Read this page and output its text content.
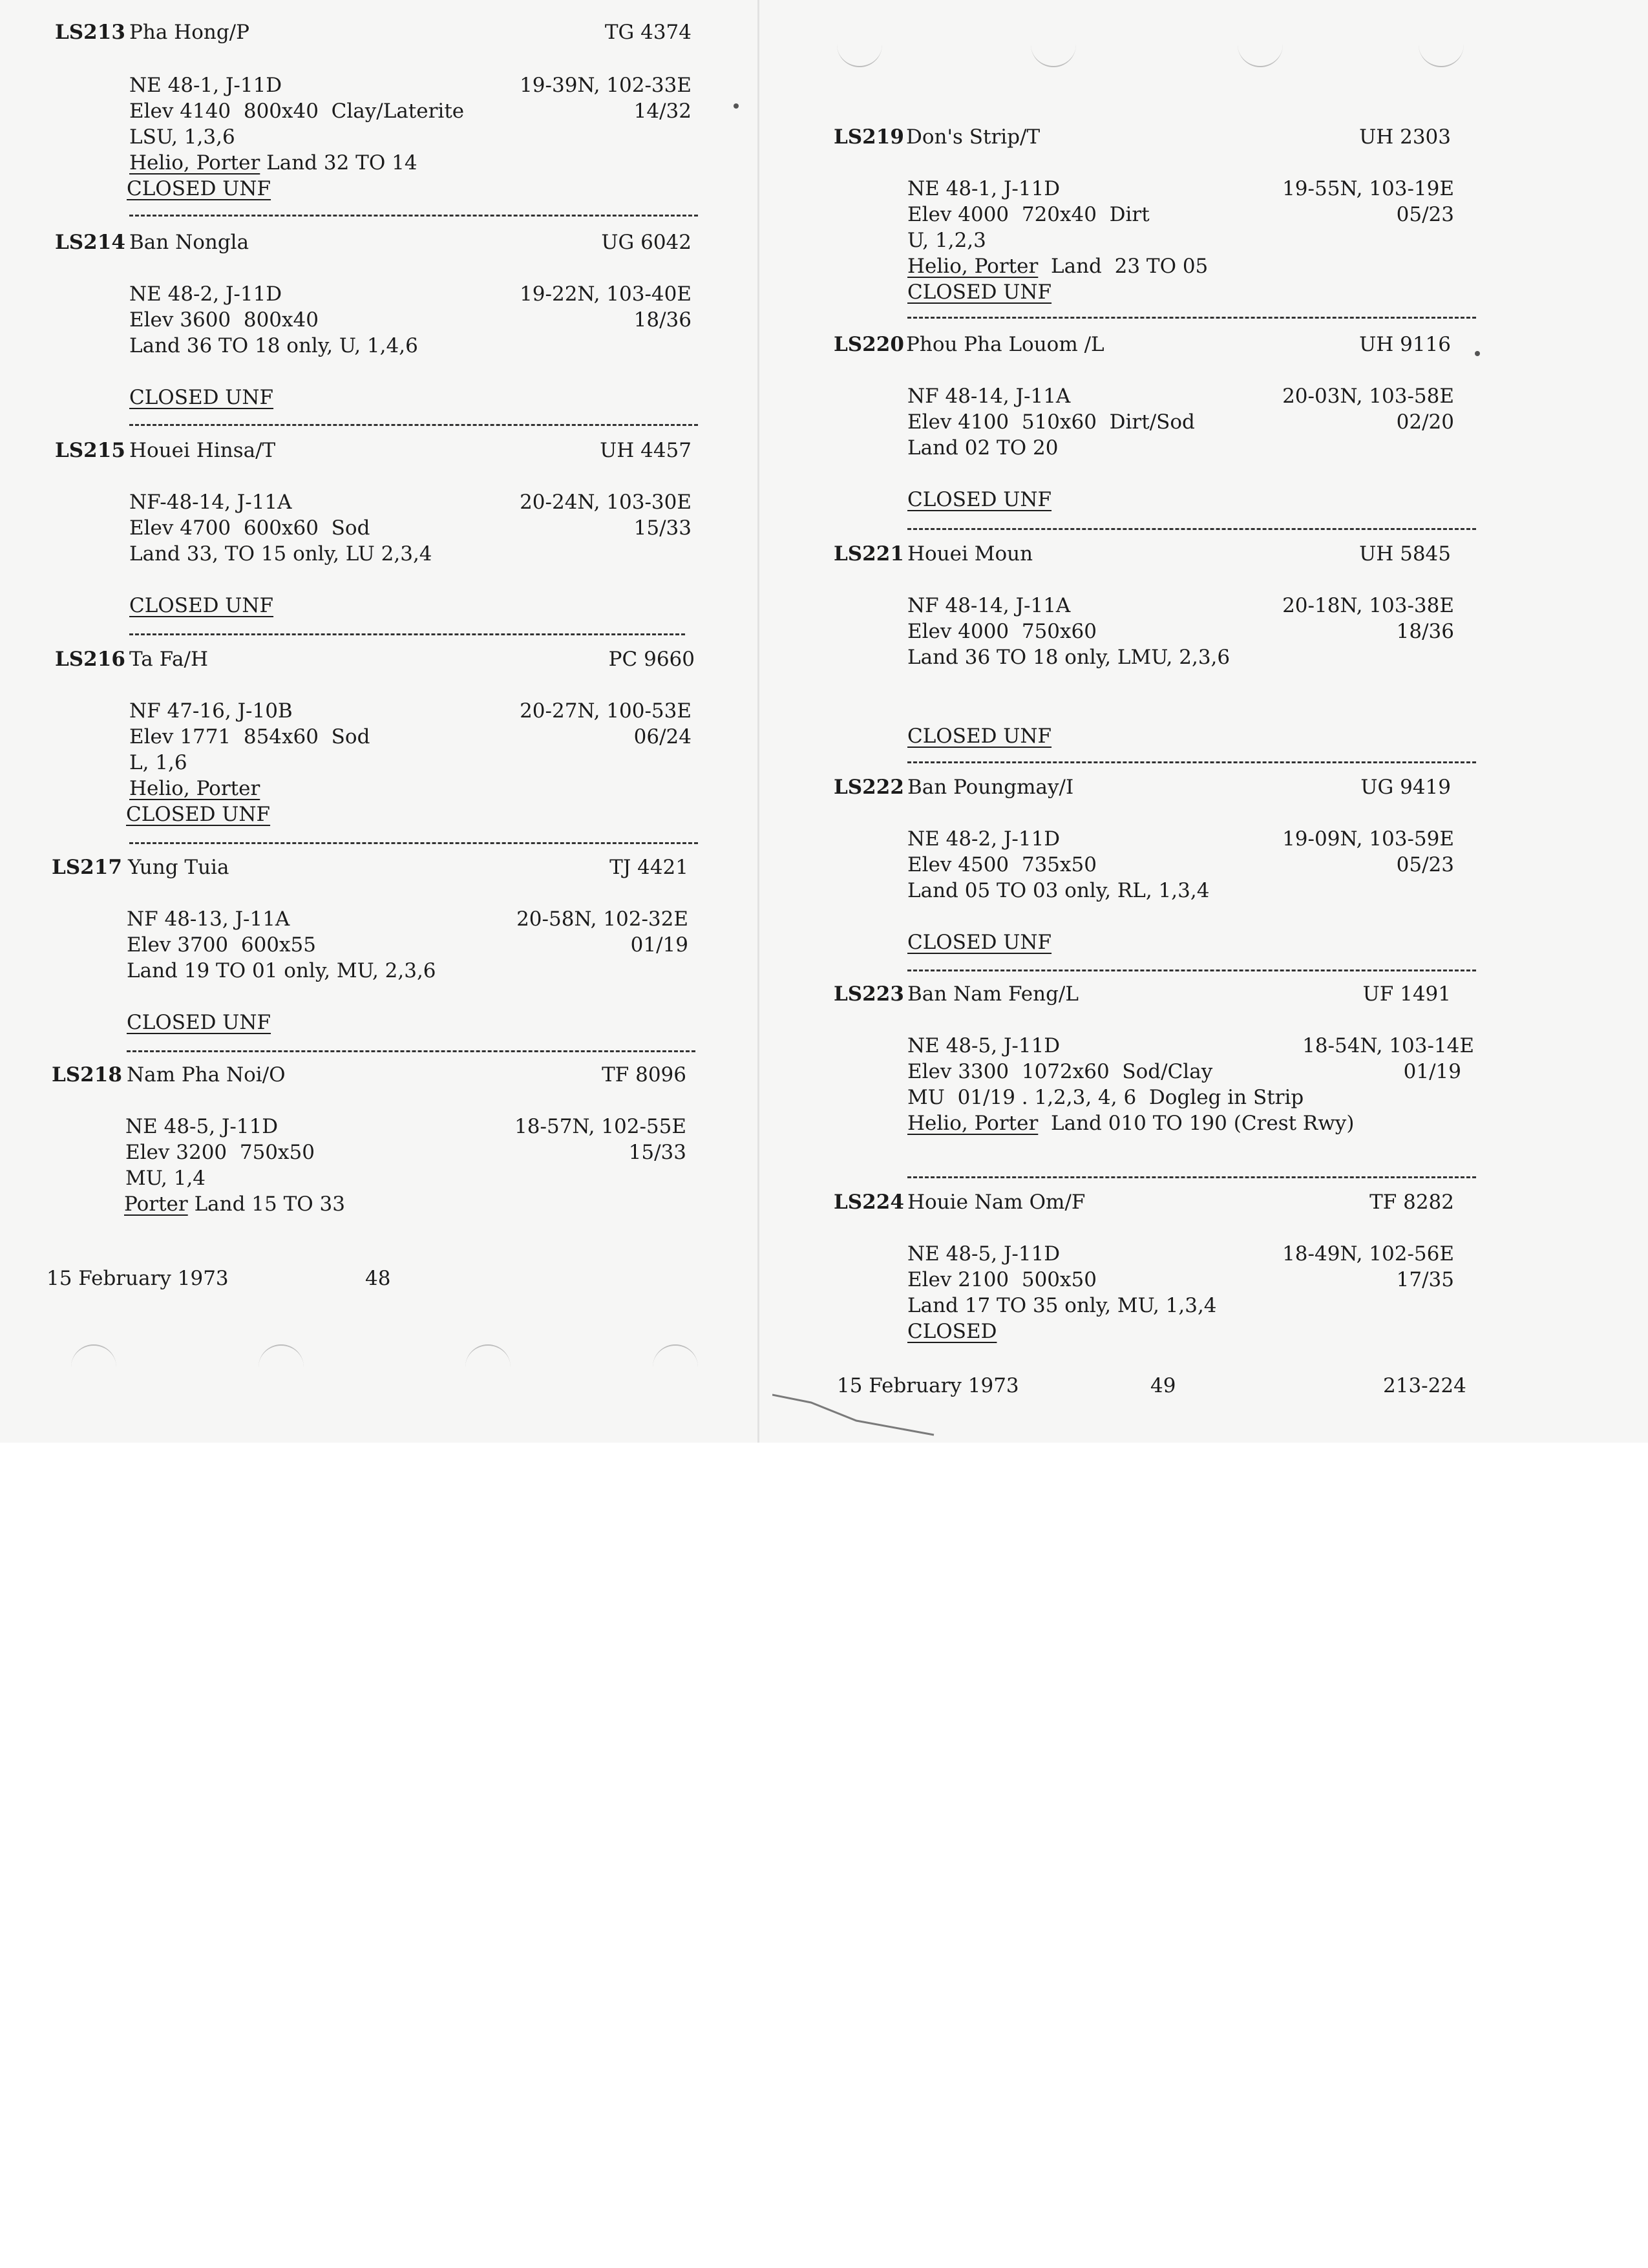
LS213 Pha Hong/P	TG 4374
NE 48-1, J-11D	19-39N, 102-33E
Elev 4140  800x40  Clay/Laterite	14/32
LSU, 1,3,6
Helio, Porter Land 32 TO 14
CLOSED UNF
LS214 Ban Nongla	UG 6042
NE 48-2, J-11D	19-22N, 103-40E
Elev 3600  800x40	18/36
Land 36 TO 18 only, U, 1,4,6
CLOSED UNF
LS215 Houei Hinsa/T	UH 4457
NF-48-14, J-11A	20-24N, 103-30E
Elev 4700  600x60  Sod	15/33
Land 33, TO 15 only, LU 2,3,4
CLOSED UNF
LS216 Ta Fa/H	PC 9660
NF 47-16, J-10B	20-27N, 100-53E
Elev 1771  854x60  Sod	06/24
L, 1,6
Helio, Porter
CLOSED UNF
LS217 Yung Tuia	TJ 4421
NF 48-13, J-11A	20-58N, 102-32E
Elev 3700  600x55	01/19
Land 19 TO 01 only, MU, 2,3,6
CLOSED UNF
LS218 Nam Pha Noi/O	TF 8096
NE 48-5, J-11D	18-57N, 102-55E
Elev 3200  750x50	15/33
MU, 1,4
Porter Land 15 TO 33
15 February 1973	48
LS219 Don's Strip/T	UH 2303
NE 48-1, J-11D	19-55N, 103-19E
Elev 4000  720x40  Dirt	05/23
U, 1,2,3
Helio, Porter  Land  23 TO 05
CLOSED UNF
LS220 Phou Pha Louom /L	UH 9116
NF 48-14, J-11A	20-03N, 103-58E
Elev 4100  510x60  Dirt/Sod	02/20
Land 02 TO 20
CLOSED UNF
LS221 Houei Moun	UH 5845
NF 48-14, J-11A	20-18N, 103-38E
Elev 4000  750x60	18/36
Land 36 TO 18 only, LMU, 2,3,6
CLOSED UNF
LS222 Ban Poungmay/I	UG 9419
NE 48-2, J-11D	19-09N, 103-59E
Elev 4500  735x50	05/23
Land 05 TO 03 only, RL, 1,3,4
CLOSED UNF
LS223 Ban Nam Feng/L	UF 1491
NE 48-5, J-11D	18-54N, 103-14E
Elev 3300  1072x60  Sod/Clay	01/19
MU  01/19 . 1,2,3, 4, 6  Dogleg in Strip
Helio, Porter  Land 010 TO 190 (Crest Rwy)
LS224 Houie Nam Om/F	TF 8282
NE 48-5, J-11D	18-49N, 102-56E
Elev 2100  500x50	17/35
Land 17 TO 35 only, MU, 1,3,4
CLOSED
15 February 1973	49	213-224
